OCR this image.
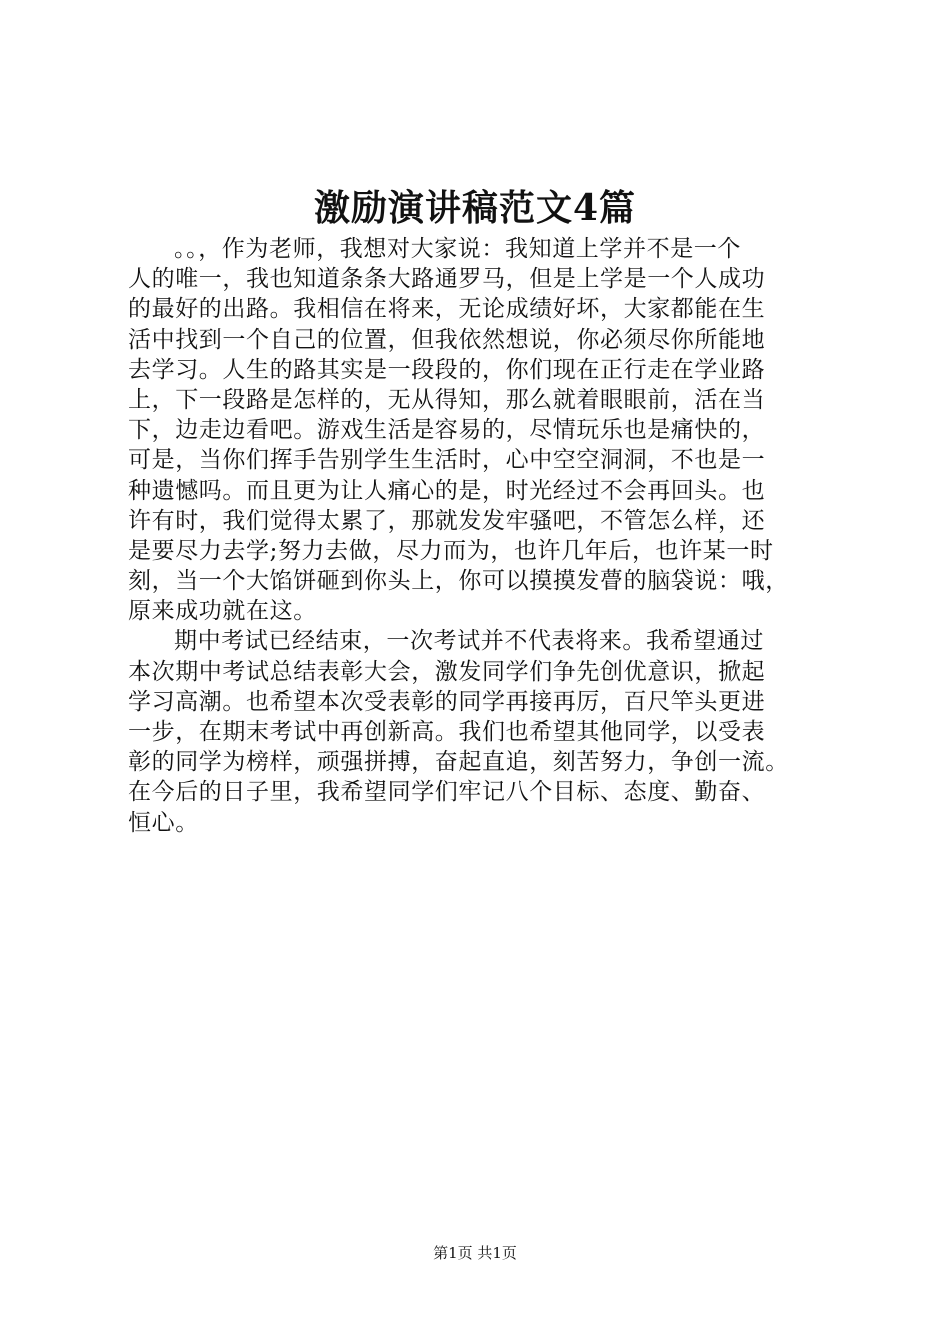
激励演讲稿范文4篇
。。，作为老师，我想对大家说：我知道上学并不是一个
人的唯一，我也知道条条大路通罗马，但是上学是一个人成功
的最好的出路。我相信在将来，无论成绩好坏，大家都能在生
活中找到一个自己的位置，但我依然想说，你必须尽你所能地
去学习。人生的路其实是一段段的，你们现在正行走在学业路
上，下一段路是怎样的，无从得知，那么就着眼眼前，活在当
下，边走边看吧。游戏生活是容易的，尽情玩乐也是痛快的，
可是，当你们挥手告别学生生活时，心中空空洞洞，不也是一
种遗憾吗。而且更为让人痛心的是，时光经过不会再回头。也
许有时，我们觉得太累了，那就发发牢骚吧，不管怎么样，还
是要尽力去学;努力去做，尽力而为，也许几年后，也许某一时
刻，当一个大馅饼砸到你头上，你可以摸摸发瞢的脑袋说：哦，
原来成功就在这。
期中考试已经结束，一次考试并不代表将来。我希望通过
本次期中考试总结表彰大会，激发同学们争先创优意识，掀起
学习高潮。也希望本次受表彰的同学再接再厉，百尺竿头更进
一步，在期末考试中再创新高。我们也希望其他同学，以受表
彰的同学为榜样，顽强拼搏，奋起直追，刻苦努力，争创一流。
在今后的日子里，我希望同学们牢记八个目标、态度、勤奋、
恒心。
第1页 共1页
